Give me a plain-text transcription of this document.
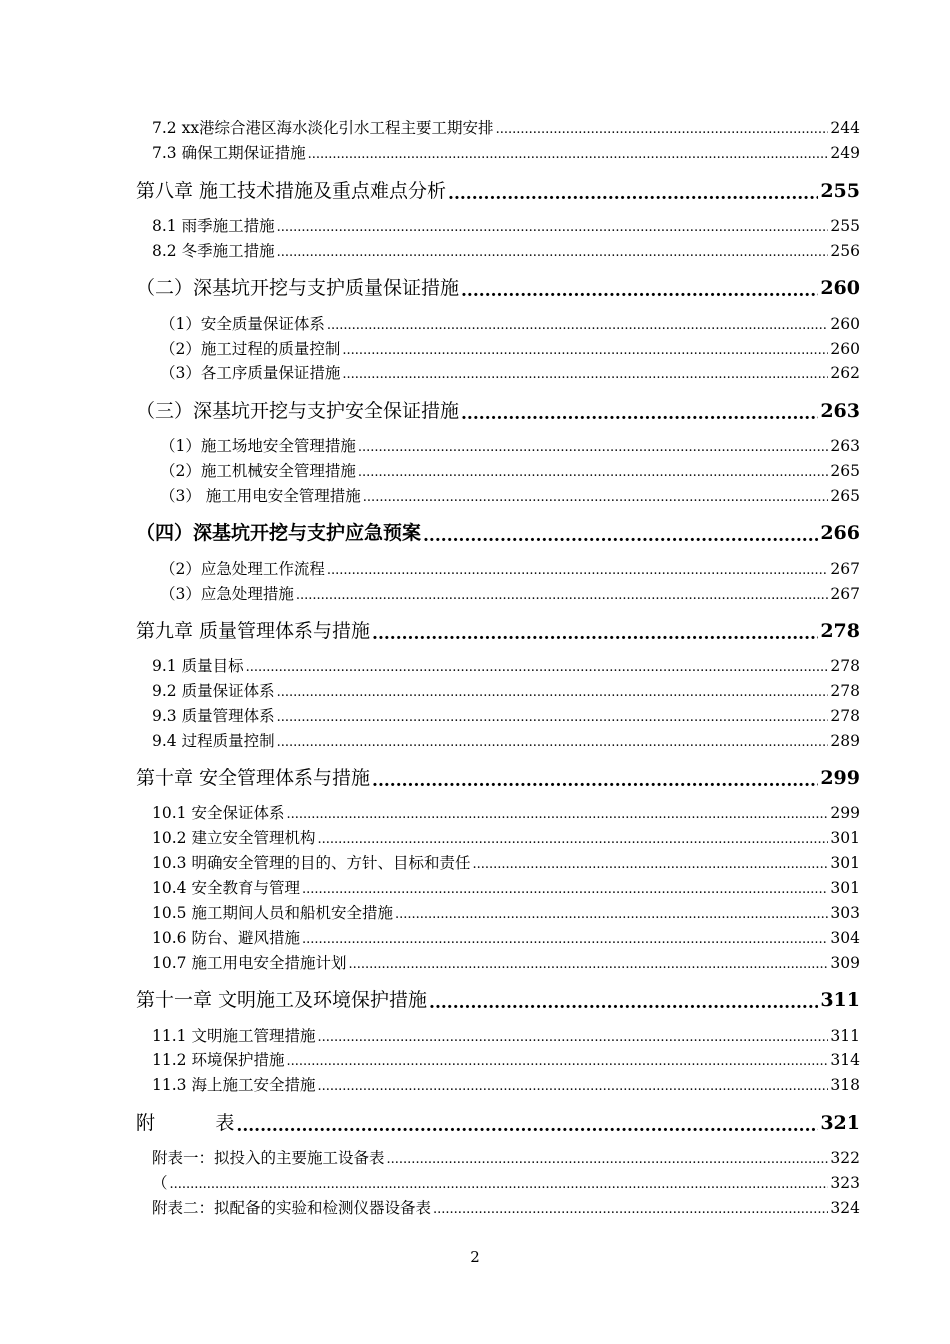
7.2 xx港综合港区海水淡化引水工程主要工期安排 .....	244
7.3 确保工期保证措施 .....	249
第八章 施工技术措施及重点难点分析 .....	255
8.1 雨季施工措施 .....	255
8.2 冬季施工措施 .....	256
（二）深基坑开挖与支护质量保证措施 .....	260
（1）安全质量保证体系 .....	260
（2）施工过程的质量控制 .....	260
（3）各工序质量保证措施 .....	262
（三）深基坑开挖与支护安全保证措施 .....	263
（1）施工场地安全管理措施 .....	263
（2）施工机械安全管理措施 .....	265
（3） 施工用电安全管理措施 .....	265
（四）深基坑开挖与支护应急预案 .....	266
（2）应急处理工作流程 .....	267
（3）应急处理措施 .....	267
第九章 质量管理体系与措施 .....	278
9.1 质量目标 .....	278
9.2 质量保证体系 .....	278
9.3 质量管理体系 .....	278
9.4 过程质量控制 .....	289
第十章 安全管理体系与措施 .....	299
10.1 安全保证体系 .....	299
10.2 建立安全管理机构 .....	301
10.3 明确安全管理的目的、方针、目标和责任 .....	301
10.4 安全教育与管理 .....	301
10.5 施工期间人员和船机安全措施 .....	303
10.6 防台、避风措施 .....	304
10.7 施工用电安全措施计划 .....	309
第十一章 文明施工及环境保护措施 .....	311
11.1 文明施工管理措施 .....	311
11.2 环境保护措施 .....	314
11.3 海上施工安全措施 .....	318
附          表 .....	321
附表一：拟投入的主要施工设备表 .....	322
（ .....	323
附表二：拟配备的实验和检测仪器设备表 .....	324
2
